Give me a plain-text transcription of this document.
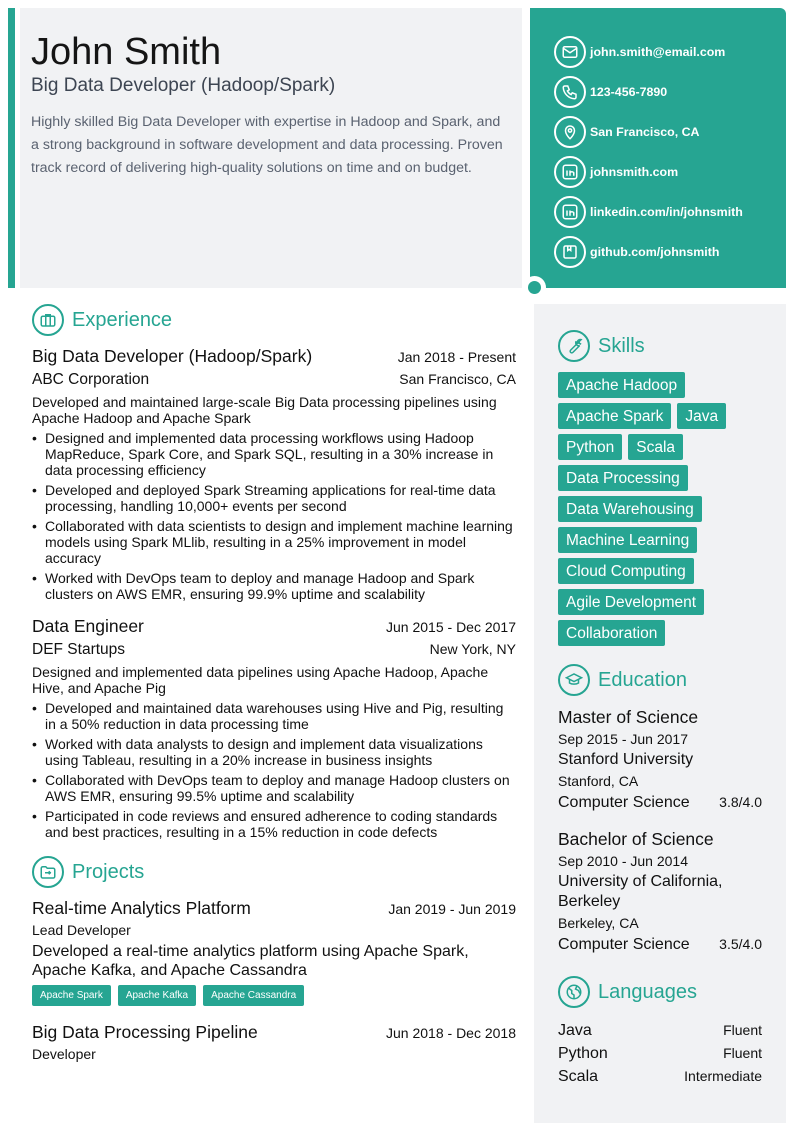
John Smith
Big Data Developer (Hadoop/Spark)

Highly skilled Big Data Developer with expertise in Hadoop and Spark, and a strong background in software development and data processing. Proven track record of delivering high-quality solutions on time and on budget.

john.smith@email.com
123-456-7890
San Francisco, CA
johnsmith.com
linkedin.com/in/johnsmith
github.com/johnsmith
Experience
Big Data Developer (Hadoop/Spark)	Jan 2018 - Present
ABC Corporation	San Francisco, CA

Developed and maintained large-scale Big Data processing pipelines using Apache Hadoop and Apache Spark

• Designed and implemented data processing workflows using Hadoop MapReduce, Spark Core, and Spark SQL, resulting in a 30% increase in data processing efficiency
• Developed and deployed Spark Streaming applications for real-time data processing, handling 10,000+ events per second
• Collaborated with data scientists to design and implement machine learning models using Spark MLlib, resulting in a 25% improvement in model accuracy
• Worked with DevOps team to deploy and manage Hadoop and Spark clusters on AWS EMR, ensuring 99.9% uptime and scalability
Data Engineer	Jun 2015 - Dec 2017
DEF Startups	New York, NY

Designed and implemented data pipelines using Apache Hadoop, Apache Hive, and Apache Pig

• Developed and maintained data warehouses using Hive and Pig, resulting in a 50% reduction in data processing time
• Worked with data analysts to design and implement data visualizations using Tableau, resulting in a 20% increase in business insights
• Collaborated with DevOps team to deploy and manage Hadoop clusters on AWS EMR, ensuring 99.5% uptime and scalability
• Participated in code reviews and ensured adherence to coding standards and best practices, resulting in a 15% reduction in code defects
Projects
Real-time Analytics Platform	Jan 2019 - Jun 2019
Lead Developer

Developed a real-time analytics platform using Apache Spark, Apache Kafka, and Apache Cassandra

Apache Spark	Apache Kafka	Apache Cassandra
Big Data Processing Pipeline	Jun 2018 - Dec 2018
Developer
Skills
Apache Hadoop
Apache Spark	Java
Python	Scala
Data Processing
Data Warehousing
Machine Learning
Cloud Computing
Agile Development
Collaboration
Education
Master of Science
Sep 2015 - Jun 2017
Stanford University
Stanford, CA
Computer Science 3.8/4.0
Bachelor of Science
Sep 2010 - Jun 2014
University of California, Berkeley
Berkeley, CA
Computer Science 3.5/4.0
Languages
Java	Fluent
Python	Fluent
Scala	Intermediate
